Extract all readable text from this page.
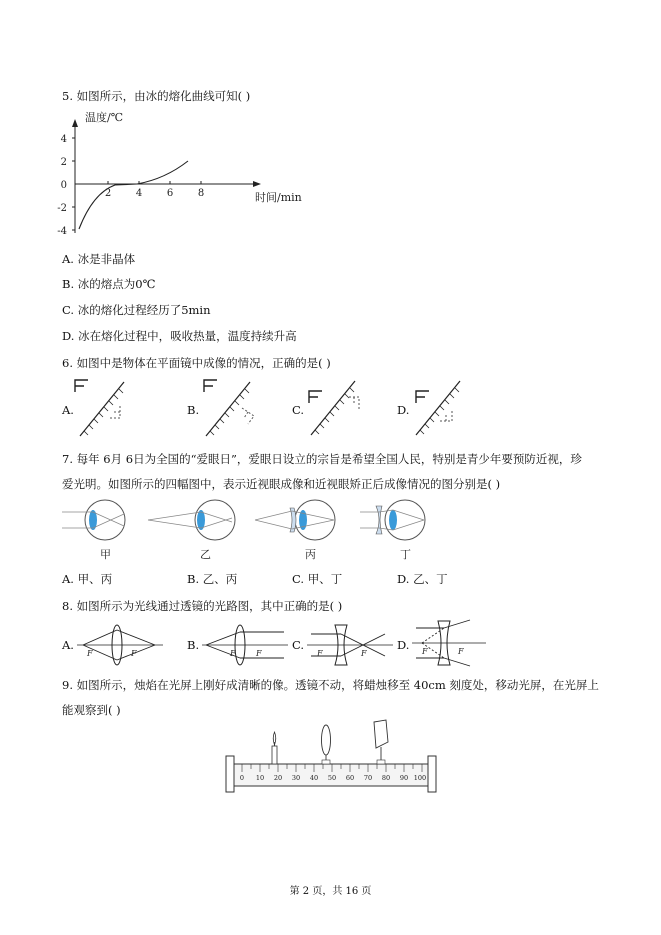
5. 如图所示，由冰的熔化曲线可知( )
4
2
0
-2
-4
2 4 6 8
温度/℃
时间/min
A. 冰是非晶体
B. 冰的熔点为0℃
C. 冰的熔化过程经历了5min
D. 冰在熔化过程中，吸收热量，温度持续升高
6. 如图中是物体在平面镜中成像的情况，正确的是( )
A.	B.	C.	D.
7. 每年 6月 6日为全国的“爱眼日”，爱眼日设立的宗旨是希望全国人民，特别是青少年要预防近视，珍
爱光明。如图所示的四幅图中，表示近视眼成像和近视眼矫正后成像情况的图分别是( )
甲	乙	丙	丁
A. 甲、丙	B. 乙、丙	C. 甲、丁	D. 乙、丁
8. 如图所示为光线通过透镜的光路图，其中正确的是( )
A.
F	F
B.
F	F
C.
F	F
D. F	F
9. 如图所示，烛焰在光屏上刚好成清晰的像。透镜不动，将蜡烛移至 40cm 刻度处，移动光屏，在光屏上
能观察到( )
0 10 20 30 40 50 60 70 80 90 100
第 2 页，共 16 页
